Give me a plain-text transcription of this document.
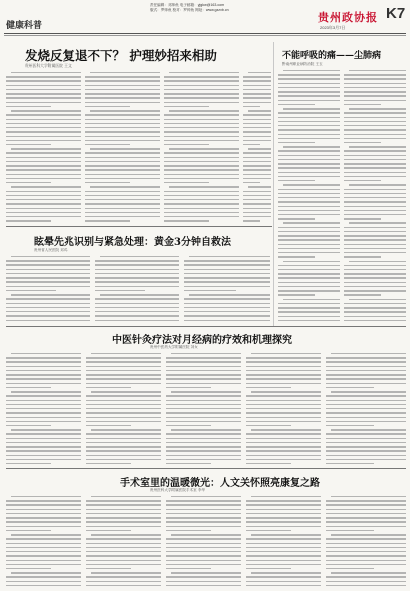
健康科普
责任编辑：邓帅鱼 电子邮箱：yjgkw@163.com
版式：罗帅鱼 校对：罗帅鱼 网址：www.gzzxb.cn
贵州政协报 K7
2023年3月7日
发烧反复退不下？ 护理妙招来相助
贵州医科大学附属医院 王文
不能呼吸的痛——尘肺病
黔南州职业病防治院 王玉
眩晕先兆识别与紧急处理：黄金3分钟自救法
贵州省人民医院 邓鸡
中医针灸疗法对月经病的疗效和机理探究
贵州中医药大学附属医院 刘女
手术室里的温暖微光：人文关怀照亮康复之路
贵州医科大学附属医院手术室 李华
